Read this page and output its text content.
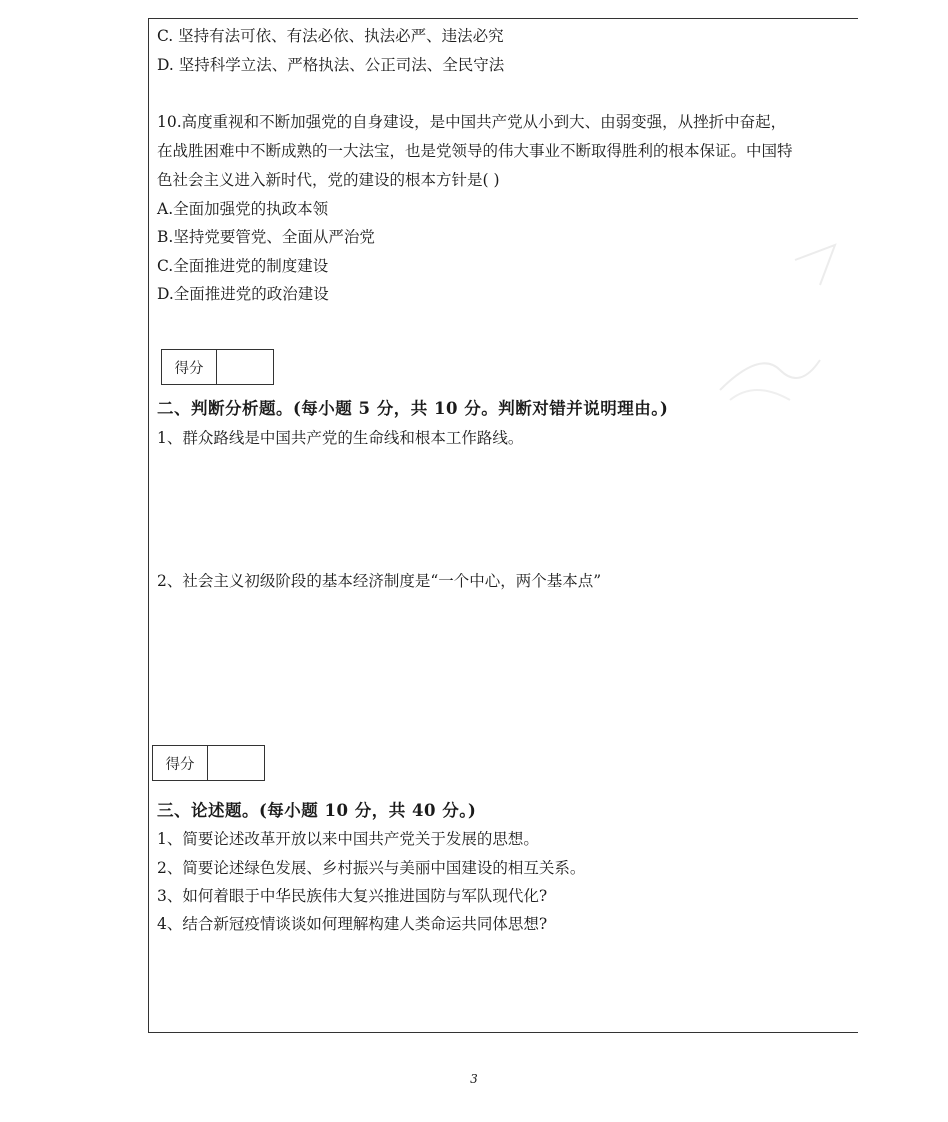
C. 坚持有法可依、有法必依、执法必严、违法必究
D. 坚持科学立法、严格执法、公正司法、全民守法
10.高度重视和不断加强党的自身建设，是中国共产党从小到大、由弱变强，从挫折中奋起，
在战胜困难中不断成熟的一大法宝，也是党领导的伟大事业不断取得胜利的根本保证。中国特
色社会主义进入新时代，党的建设的根本方针是( )
A.全面加强党的执政本领
B.坚持党要管党、全面从严治党
C.全面推进党的制度建设
D.全面推进党的政治建设
得分
二、判断分析题。(每小题 5 分，共 10 分。判断对错并说明理由。)
1、群众路线是中国共产党的生命线和根本工作路线。
2、社会主义初级阶段的基本经济制度是“一个中心，两个基本点”
得分
三、论述题。(每小题 10 分，共 40 分。)
1、简要论述改革开放以来中国共产党关于发展的思想。
2、简要论述绿色发展、乡村振兴与美丽中国建设的相互关系。
3、如何着眼于中华民族伟大复兴推进国防与军队现代化?
4、结合新冠疫情谈谈如何理解构建人类命运共同体思想?
3
